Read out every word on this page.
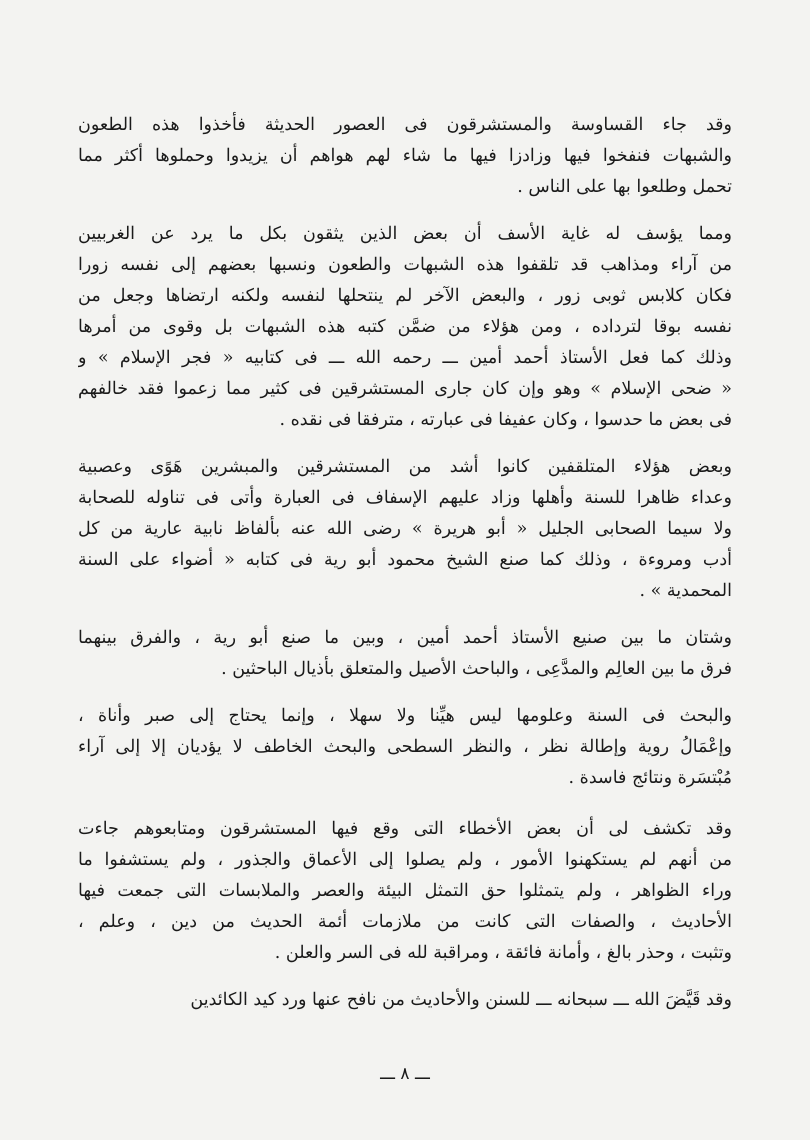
وقد جاء القساوسة والمستشرقون فى العصور الحديثة فأخذوا هذه الطعون
والشبهات فنفخوا فيها وزادزا فيها ما شاء لهم هواهم أن يزيدوا وحملوها أكثر مما
تحمل وطلعوا بها على الناس .
ومما يؤسف له غاية الأسف أن بعض الذين يثقون بكل ما يرد عن الغربيين
من آراء ومذاهب قد تلقفوا هذه الشبهات والطعون ونسبها بعضهم إلى نفسه زورا
فكان كلابس ثوبى زور ، والبعض الآخر لم ينتحلها لنفسه ولكنه ارتضاها وجعل من
نفسه بوقا لترداده ، ومن هؤلاء من ضمَّن كتبه هذه الشبهات بل وقوى من أمرها
وذلك كما فعل الأستاذ أحمد أمين ـــ رحمه الله ـــ فى كتابيه « فجر الإسلام » و
« ضحى الإسلام » وهو وإن كان جارى المستشرقين فى كثير مما زعموا فقد خالفهم
فى بعض ما حدسوا ، وكان عفيفا فى عبارته ، مترفقا فى نقده .
وبعض هؤلاء المتلقفين كانوا أشد من المستشرقين والمبشرين هَوًى وعصبية
وعداء ظاهرا للسنة وأهلها وزاد عليهم الإسفاف فى العبارة وأتى فى تناوله للصحابة
ولا سيما الصحابى الجليل « أبو هريرة » رضى الله عنه بألفاظ نابية عارية من كل
أدب ومروءة ، وذلك كما صنع الشيخ محمود أبو رية فى كتابه « أضواء على السنة
المحمدية » .
وشتان ما بين صنيع الأستاذ أحمد أمين ، وبين ما صنع أبو رية ، والفرق بينهما
فرق ما بين العالِم والمدَّعِى ، والباحث الأصيل والمتعلق بأذيال الباحثين .
والبحث فى السنة وعلومها ليس هيِّنا ولا سهلا ، وإنما يحتاج إلى صبر وأناة ،
وإعْمَالُ روية وإطالة نظر ، والنظر السطحى والبحث الخاطف لا يؤديان إلا إلى آراء
مُبْتسَرة ونتائج فاسدة .
وقد تكشف لى أن بعض الأخطاء التى وقع فيها المستشرقون ومتابعوهم جاءت
من أنهم لم يستكهنوا الأمور ، ولم يصلوا إلى الأعماق والجذور ، ولم يستشفوا ما
وراء الظواهر ، ولم يتمثلوا حق التمثل البيئة والعصر والملابسات التى جمعت فيها
الأحاديث ، والصفات التى كانت من ملازمات أئمة الحديث من دين ، وعلم ،
وتثبت ، وحذر بالغ ، وأمانة فائقة ، ومراقبة لله فى السر والعلن .
وقد قَيَّضَ الله ـــ سبحانه ـــ للسنن والأحاديث من نافح عنها ورد كيد الكائدين
ـــ ٨ ـــ
